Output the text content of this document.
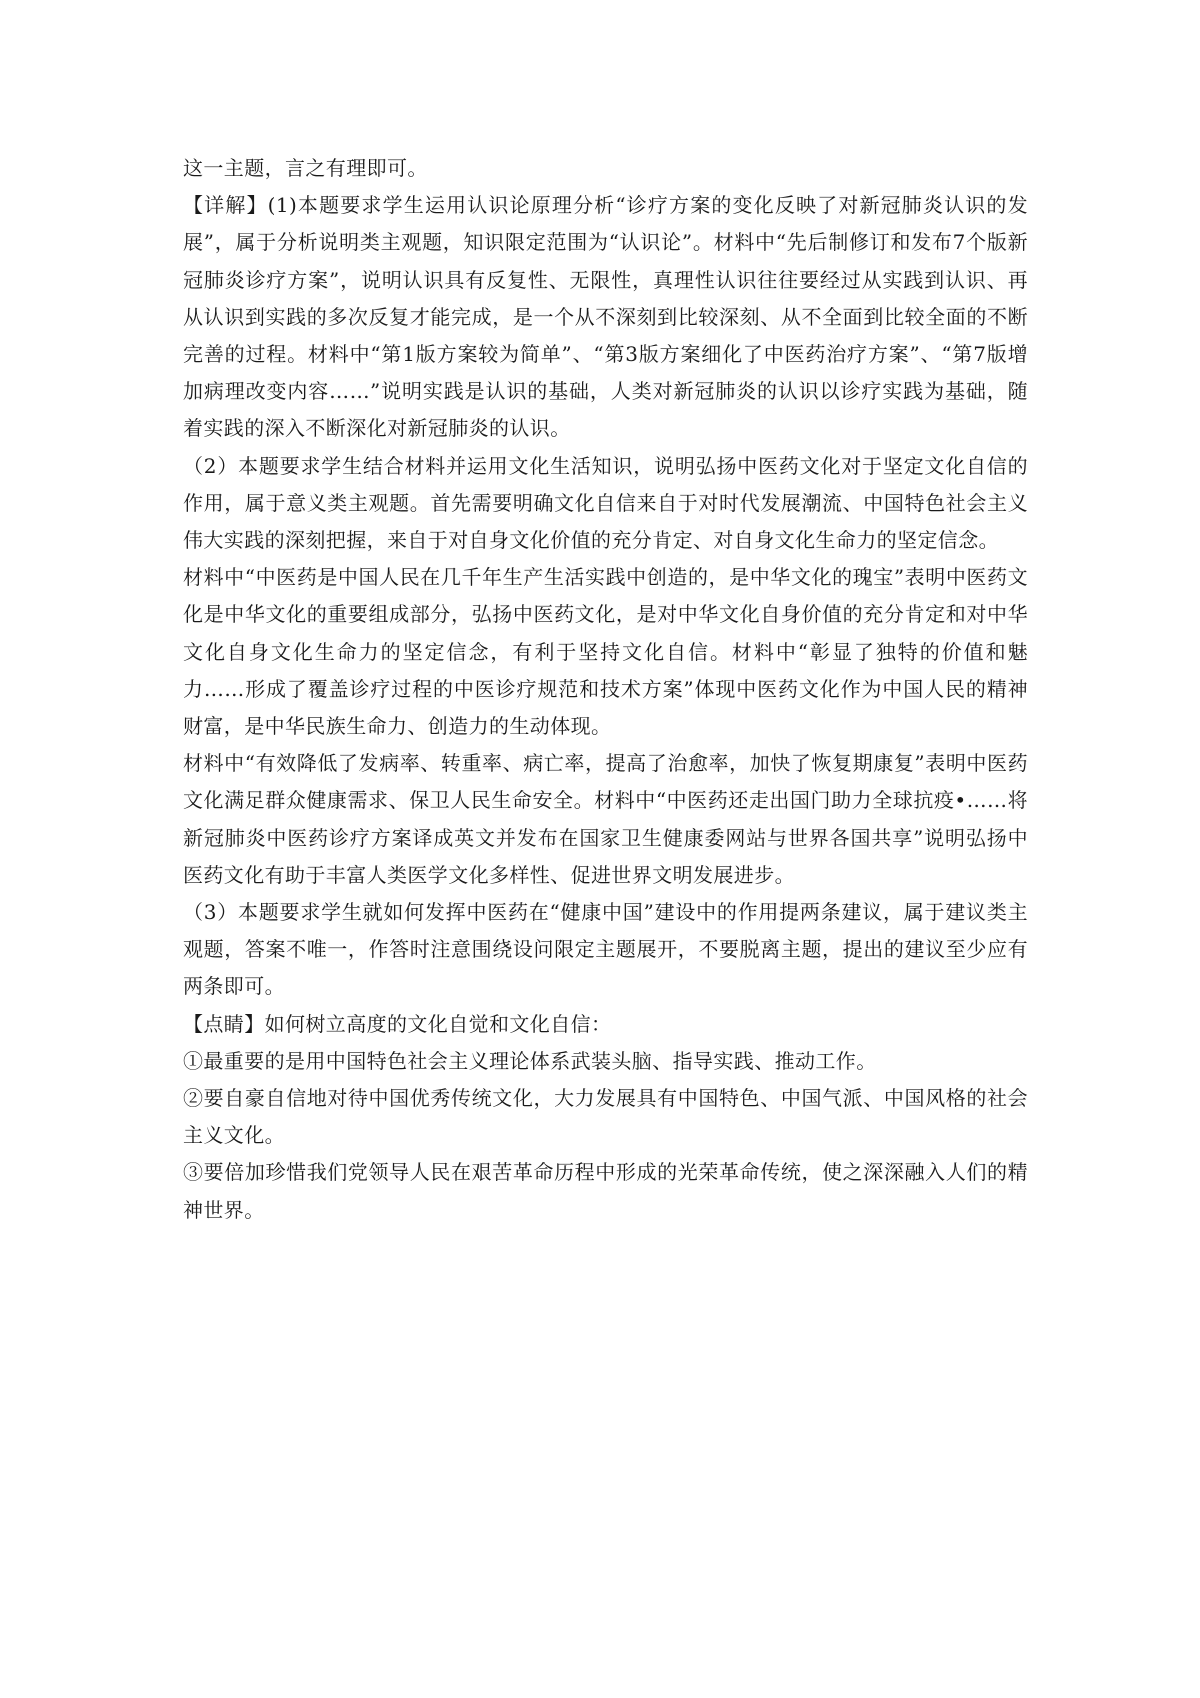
这一主题，言之有理即可。

【详解】(1)本题要求学生运用认识论原理分析“诊疗方案的变化反映了对新冠肺炎认识的发展”，属于分析说明类主观题，知识限定范围为“认识论”。材料中“先后制修订和发布7个版新冠肺炎诊疗方案”，说明认识具有反复性、无限性，真理性认识往往要经过从实践到认识、再从认识到实践的多次反复才能完成，是一个从不深刻到比较深刻、从不全面到比较全面的不断完善的过程。材料中“第1版方案较为简单”、“第3版方案细化了中医药治疗方案”、“第7版增加病理改变内容……”说明实践是认识的基础，人类对新冠肺炎的认识以诊疗实践为基础，随着实践的深入不断深化对新冠肺炎的认识。

（2）本题要求学生结合材料并运用文化生活知识，说明弘扬中医药文化对于坚定文化自信的作用，属于意义类主观题。首先需要明确文化自信来自于对时代发展潮流、中国特色社会主义伟大实践的深刻把握，来自于对自身文化价值的充分肯定、对自身文化生命力的坚定信念。

材料中“中医药是中国人民在几千年生产生活实践中创造的，是中华文化的瑰宝”表明中医药文化是中华文化的重要组成部分，弘扬中医药文化，是对中华文化自身价值的充分肯定和对中华文化自身文化生命力的坚定信念，有利于坚持文化自信。材料中“彰显了独特的价值和魅力……形成了覆盖诊疗过程的中医诊疗规范和技术方案”体现中医药文化作为中国人民的精神财富，是中华民族生命力、创造力的生动体现。

材料中“有效降低了发病率、转重率、病亡率，提高了治愈率，加快了恢复期康复”表明中医药文化满足群众健康需求、保卫人民生命安全。材料中“中医药还走出国门助力全球抗疫•……将新冠肺炎中医药诊疗方案译成英文并发布在国家卫生健康委网站与世界各国共享”说明弘扬中医药文化有助于丰富人类医学文化多样性、促进世界文明发展进步。

（3）本题要求学生就如何发挥中医药在“健康中国”建设中的作用提两条建议，属于建议类主观题，答案不唯一，作答时注意围绕设问限定主题展开，不要脱离主题，提出的建议至少应有两条即可。

【点睛】如何树立高度的文化自觉和文化自信：

①最重要的是用中国特色社会主义理论体系武装头脑、指导实践、推动工作。

②要自豪自信地对待中国优秀传统文化，大力发展具有中国特色、中国气派、中国风格的社会主义文化。

③要倍加珍惜我们党领导人民在艰苦革命历程中形成的光荣革命传统，使之深深融入人们的精神世界。
